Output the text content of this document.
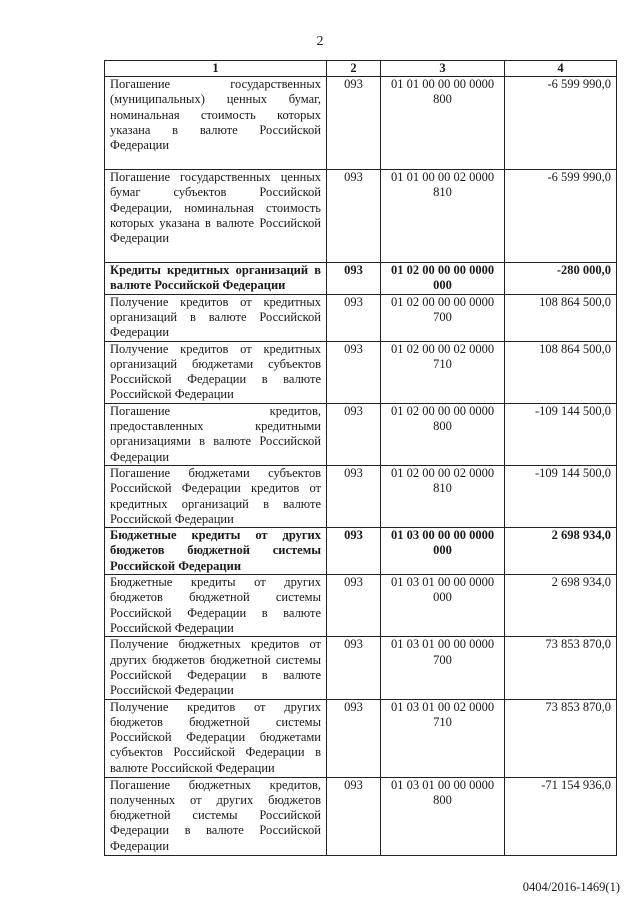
2
1	2	3	4
Погашение государственных (муниципальных) ценных бумаг, номинальная стоимость которых указана в валюте Российской Федерации	093	01 01 00 00 00 0000 800	-6 599 990,0
Погашение государственных ценных бумаг субъектов Российской Федерации, номинальная стоимость которых указана в валюте Российской Федерации	093	01 01 00 00 02 0000 810	-6 599 990,0
Кредиты кредитных организаций в валюте Российской Федерации	093	01 02 00 00 00 0000 000	-280 000,0
Получение кредитов от кредитных организаций в валюте Российской Федерации	093	01 02 00 00 00 0000 700	108 864 500,0
Получение кредитов от кредитных организаций бюджетами субъектов Российской Федерации в валюте Российской Федерации	093	01 02 00 00 02 0000 710	108 864 500,0
Погашение кредитов, предоставленных кредитными организациями в валюте Российской Федерации	093	01 02 00 00 00 0000 800	-109 144 500,0
Погашение бюджетами субъектов Российской Федерации кредитов от кредитных организаций в валюте Российской Федерации	093	01 02 00 00 02 0000 810	-109 144 500,0
Бюджетные кредиты от других бюджетов бюджетной системы Российской Федерации	093	01 03 00 00 00 0000 000	2 698 934,0
Бюджетные кредиты от других бюджетов бюджетной системы Российской Федерации в валюте Российской Федерации	093	01 03 01 00 00 0000 000	2 698 934,0
Получение бюджетных кредитов от других бюджетов бюджетной системы Российской Федерации в валюте Российской Федерации	093	01 03 01 00 00 0000 700	73 853 870,0
Получение кредитов от других бюджетов бюджетной системы Российской Федерации бюджетами субъектов Российской Федерации в валюте Российской Федерации	093	01 03 01 00 02 0000 710	73 853 870,0
Погашение бюджетных кредитов, полученных от других бюджетов бюджетной системы Российской Федерации в валюте Российской Федерации	093	01 03 01 00 00 0000 800	-71 154 936,0
0404/2016-1469(1)
